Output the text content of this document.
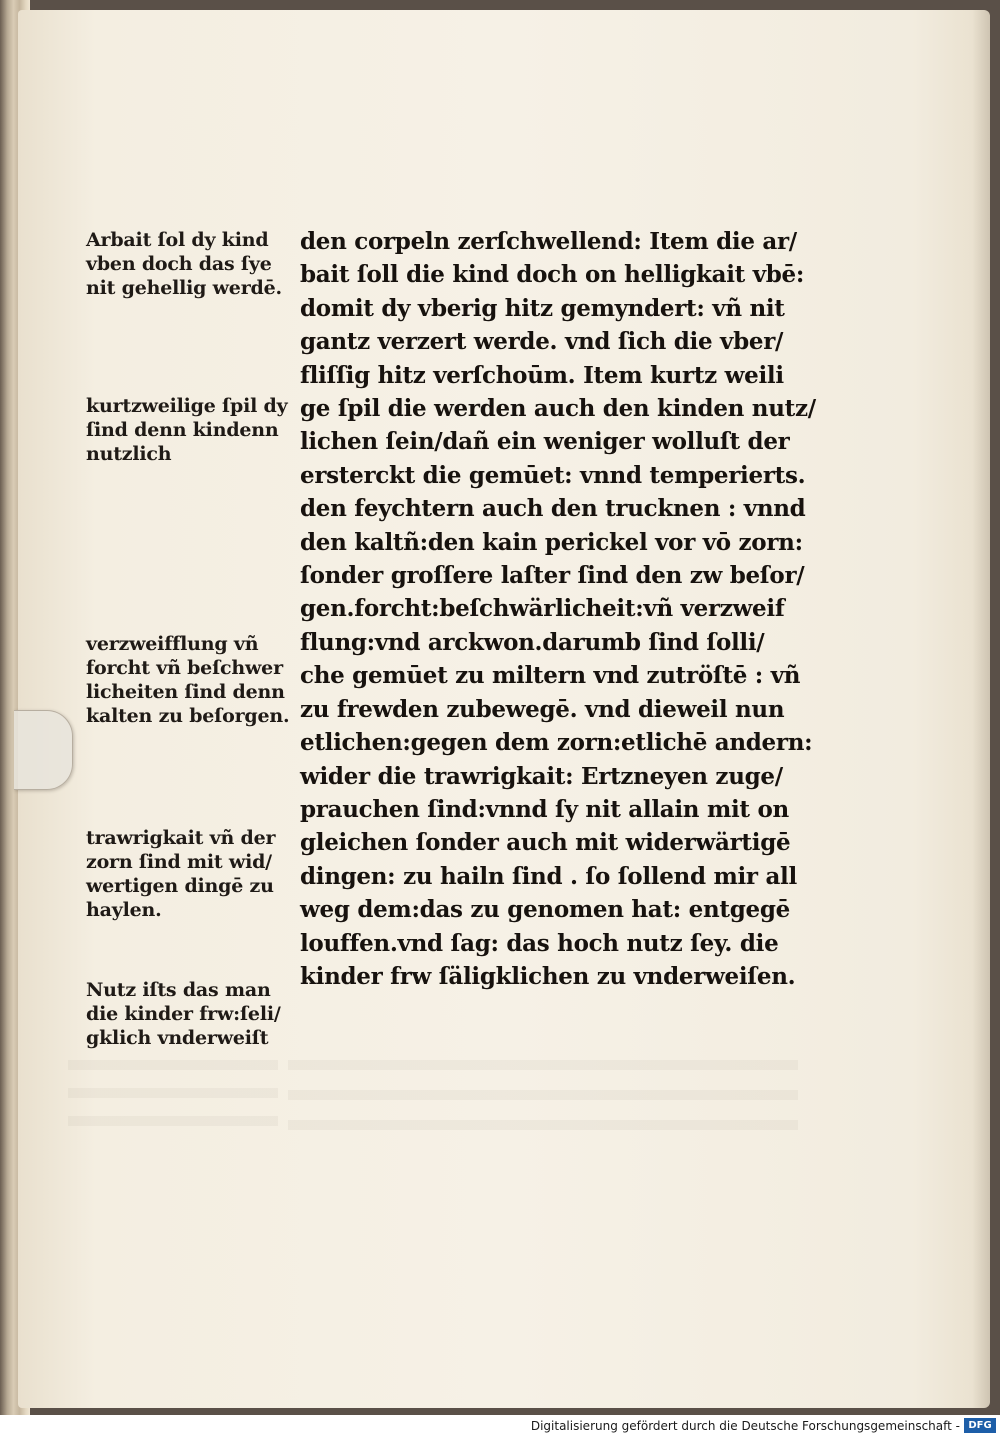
Arbait ſol dy kind
vben doch das ſye
nit gehellig werdē.
kurtzweilige ſpil dy
ſind denn kindenn
nutzlich
verzweifflung vñ
forcht vñ beſchwer
licheiten ſind denn
kalten zu beſorgen.
trawrigkait vñ der
zorn ſind mit wid/
wertigen dingē zu
haylen.
Nutz iſts das man
die kinder frw:ſeli/
gklich vnderweiſt
den corpeln zerſchwellend: Item die ar/
bait ſoll die kind doch on helligkait vbē:
domit dy vberig hitz gemyndert: vñ nit
gantz verzert werde. vnd ſich die vber/
fliſſig hitz verſchoūm. Item kurtz weili
ge ſpil die werden auch den kinden nutz/
lichen ſein/dañ ein weniger wolluſt der
ersterckt die gemūet: vnnd temperierts.
den feychtern auch den trucknen : vnnd
den kaltñ:den kain perickel vor vō zorn:
ſonder groſſere laſter ſind den zw beſor/
gen.forcht:beſchwärlicheit:vñ verzweif
flung:vnd arckwon.darumb ſind ſolli/
che gemūet zu miltern vnd zutröſtē : vñ
zu frewden zubewegē. vnd dieweil nun
etlichen:gegen dem zorn:etlichē andern:
wider die trawrigkait: Ertzneyen zuge/
prauchen ſind:vnnd ſy nit allain mit on
gleichen ſonder auch mit widerwärtigē
dingen: zu hailn ſind . ſo ſollend mir all
weg dem:das zu genomen hat: entgegē
louffen.vnd ſag: das hoch nutz ſey. die
kinder frw ſäligklichen zu vnderweiſen.
Digitalisierung gefördert durch die Deutsche Forschungsgemeinschaft - DFG
